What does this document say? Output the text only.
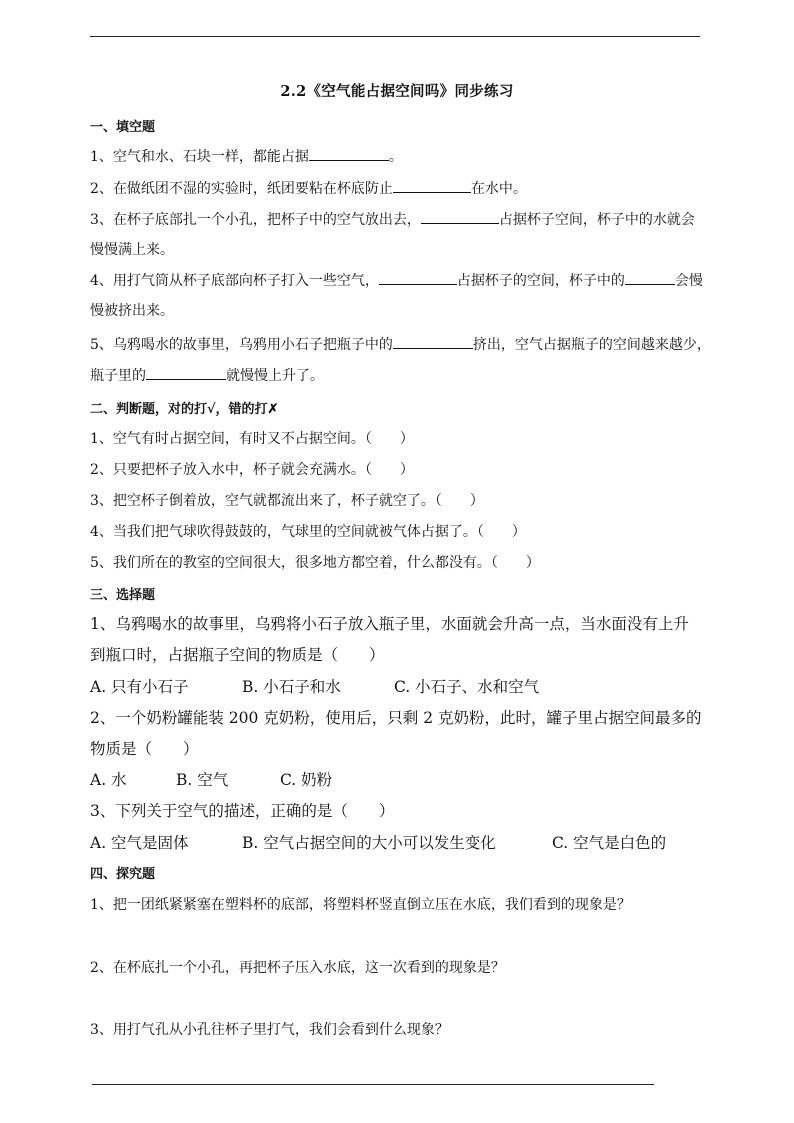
2.2《空气能占据空间吗》同步练习
一、填空题
1、空气和水、石块一样，都能占据	。
2、在做纸团不湿的实验时，纸团要粘在杯底防止	在水中。
3、在杯子底部扎一个小孔，把杯子中的空气放出去，	占据杯子空间，杯子中的水就会
慢慢满上来。
4、用打气筒从杯子底部向杯子打入一些空气，	占据杯子的空间，杯子中的	会慢
慢被挤出来。
5、乌鸦喝水的故事里，乌鸦用小石子把瓶子中的	挤出，空气占据瓶子的空间越来越少，
瓶子里的	就慢慢上升了。
二、判断题，对的打√，错的打✗
1、空气有时占据空间，有时又不占据空间。（　　）
2、只要把杯子放入水中，杯子就会充满水。（　　）
3、把空杯子倒着放，空气就都流出来了，杯子就空了。（　　）
4、当我们把气球吹得鼓鼓的，气球里的空间就被气体占据了。（　　）
5、我们所在的教室的空间很大，很多地方都空着，什么都没有。（　　）
三、选择题
1、乌鸦喝水的故事里，乌鸦将小石子放入瓶子里，水面就会升高一点，当水面没有上升
到瓶口时，占据瓶子空间的物质是（　　）
A. 只有小石子	B. 小石子和水	C. 小石子、水和空气
2、一个奶粉罐能装 200 克奶粉，使用后，只剩 2 克奶粉，此时，罐子里占据空间最多的
物质是（　　）
A. 水	B. 空气	C. 奶粉
3、下列关于空气的描述，正确的是（　　）
A. 空气是固体	B. 空气占据空间的大小可以发生变化	C. 空气是白色的
四、探究题
1、把一团纸紧紧塞在塑料杯的底部，将塑料杯竖直倒立压在水底，我们看到的现象是？
2、在杯底扎一个小孔，再把杯子压入水底，这一次看到的现象是？
3、用打气孔从小孔往杯子里打气，我们会看到什么现象？
